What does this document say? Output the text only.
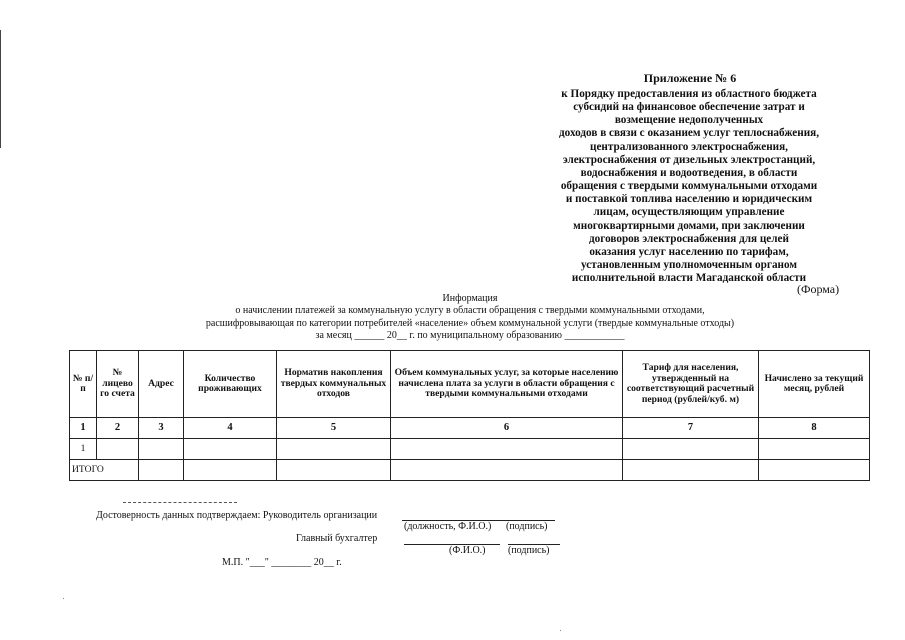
Приложение № 6
к Порядку предоставления из областного бюджета
субсидий на финансовое обеспечение затрат и
возмещение недополученных
доходов в связи с оказанием услуг теплоснабжения,
централизованного электроснабжения,
электроснабжения от дизельных электростанций,
водоснабжения и водоотведения, в области
обращения с твердыми коммунальными отходами
и поставкой топлива населению и юридическим
лицам, осуществляющим управление
многоквартирными домами, при заключении
договоров электроснабжения для целей
оказания услуг населению по тарифам,
установленным уполномоченным органом
исполнительной власти Магаданской области
(Форма)
Информация
о начислении платежей за коммунальную услугу в области обращения с твердыми коммунальными отходами,
расшифровывающая по категории потребителей «население» объем коммунальной услуги (твердые коммунальные отходы)
за месяц ______ 20__ г. по муниципальному образованию ____________
№ п/п	№ лицево го счета	Адрес	Количество проживающих	Норматив накопления твердых коммунальных отходов	Объем коммунальных услуг, за которые населению начислена плата за услуги в области обращения с твердыми коммунальными отходами	Тариф для населения, утвержденный на соответствующий расчетный период (рублей/куб. м)	Начислено за текущий месяц, рублей
1	2	3	4	5	6	7	8
1							
ИТОГО							
Достоверность данных подтверждаем: Руководитель организации
(должность, Ф.И.О.) (подпись)
Главный бухгалтер
(Ф.И.О.) (подпись)
М.П. "___" ________ 20__ г.
